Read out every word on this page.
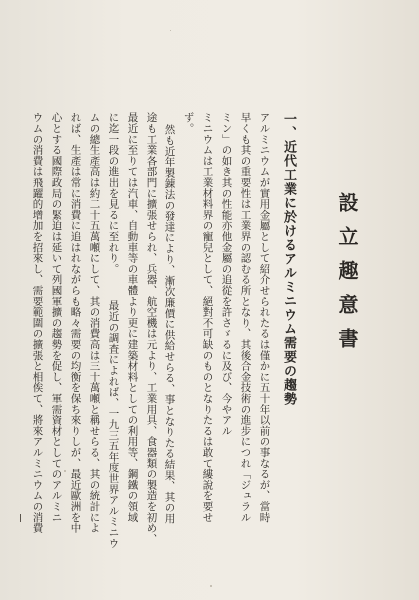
設立趣意書
一、近代工業に於けるアルミニウム需要の趨勢
アルミニウムが實用金屬として紹介せられたるは僅かに五十年以前の事なるが、當時
早くも其の重要性は工業界の認むる所となり、其後合金技術の進步につれ「ジュラル
ミン」の如き其の性能亦他金屬の追從を許さゞるに及び、今やアル
ミニウムは工業材料界の寵兒として、絕對不可缺のものとなりたるは敢て縷說を要せ
ず。
然も近年製錬法の發達により、漸次廉價に供給せらる、事となりたる結果、其の用
途も工業各部門に擴張せられ、兵器、航空機は元より、工業用具、食器類の製造を初め、
最近に至りては汽車、自動車等の車體より更に建築材料としての利用等、鋼鐵の領域
に迄一段の進出を見るに至れり。
最近の調査によれば、一九三五年度世界アルミニウ
ムの總生產高は約二十五萬噸にして、其の消費高は三十萬噸と稱せらる、其の統計によ
れば、生產は常に消費に追はれながらも略々需要の均衡を保ち來りしが、最近歐洲を中
心とする國際政局の緊迫は延いて列國軍擴の趨勢を促し、軍需資材としてのアルミニ
ウムの消費は飛躍的增加を招來し、需要範圍の擴張と相俟て、將來アルミニウムの消費
